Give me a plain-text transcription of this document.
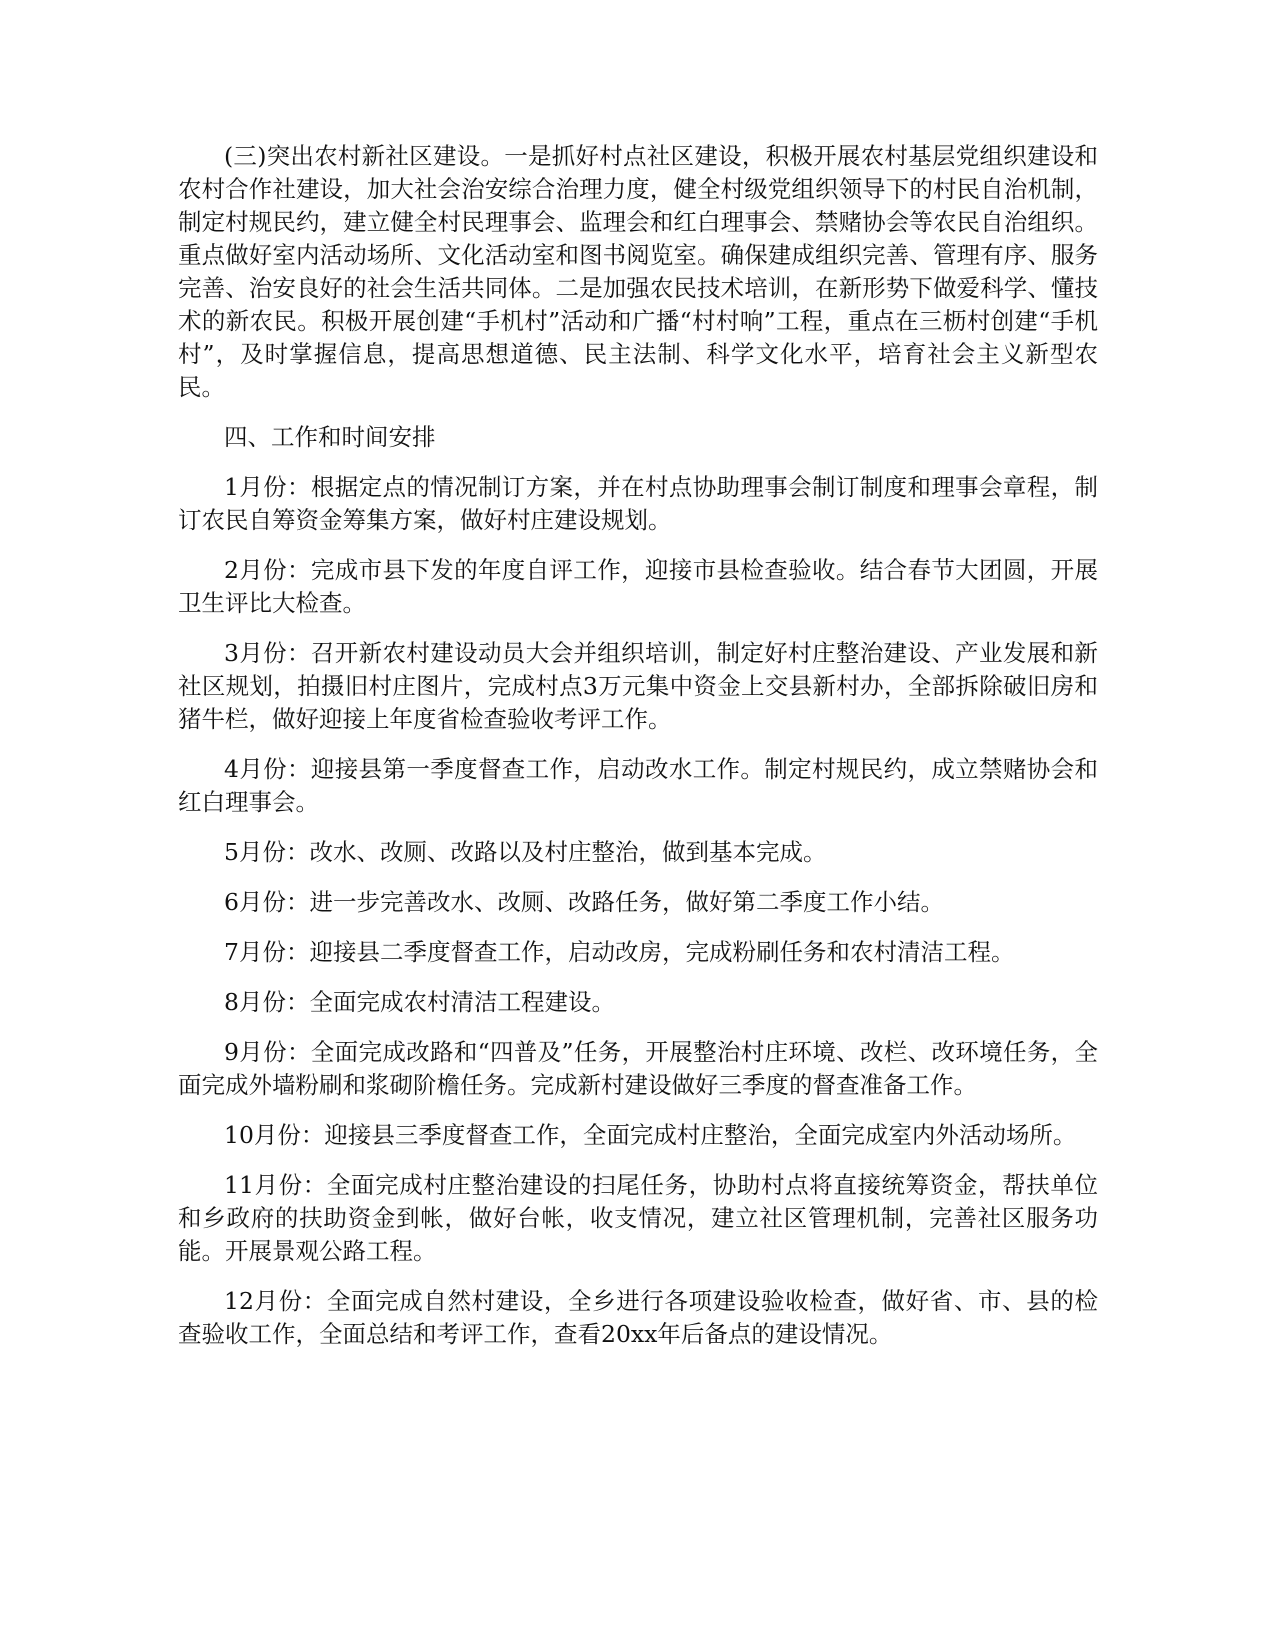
(三)突出农村新社区建设。一是抓好村点社区建设，积极开展农村基层党组织建设和农村合作社建设，加大社会治安综合治理力度，健全村级党组织领导下的村民自治机制，制定村规民约，建立健全村民理事会、监理会和红白理事会、禁赌协会等农民自治组织。重点做好室内活动场所、文化活动室和图书阅览室。确保建成组织完善、管理有序、服务完善、治安良好的社会生活共同体。二是加强农民技术培训，在新形势下做爱科学、懂技术的新农民。积极开展创建“手机村”活动和广播“村村响”工程，重点在三枥村创建“手机村”，及时掌握信息，提高思想道德、民主法制、科学文化水平，培育社会主义新型农民。

四、工作和时间安排

1月份：根据定点的情况制订方案，并在村点协助理事会制订制度和理事会章程，制订农民自筹资金筹集方案，做好村庄建设规划。

2月份：完成市县下发的年度自评工作，迎接市县检查验收。结合春节大团圆，开展卫生评比大检查。

3月份：召开新农村建设动员大会并组织培训，制定好村庄整治建设、产业发展和新社区规划，拍摄旧村庄图片，完成村点3万元集中资金上交县新村办，全部拆除破旧房和猪牛栏，做好迎接上年度省检查验收考评工作。

4月份：迎接县第一季度督查工作，启动改水工作。制定村规民约，成立禁赌协会和红白理事会。

5月份：改水、改厕、改路以及村庄整治，做到基本完成。

6月份：进一步完善改水、改厕、改路任务，做好第二季度工作小结。

7月份：迎接县二季度督查工作，启动改房，完成粉刷任务和农村清洁工程。

8月份：全面完成农村清洁工程建设。

9月份：全面完成改路和“四普及”任务，开展整治村庄环境、改栏、改环境任务，全面完成外墙粉刷和浆砌阶檐任务。完成新村建设做好三季度的督查准备工作。

10月份：迎接县三季度督查工作，全面完成村庄整治，全面完成室内外活动场所。

11月份：全面完成村庄整治建设的扫尾任务，协助村点将直接统筹资金，帮扶单位和乡政府的扶助资金到帐，做好台帐，收支情况，建立社区管理机制，完善社区服务功能。开展景观公路工程。

12月份：全面完成自然村建设，全乡进行各项建设验收检查，做好省、市、县的检查验收工作，全面总结和考评工作，查看20xx年后备点的建设情况。
